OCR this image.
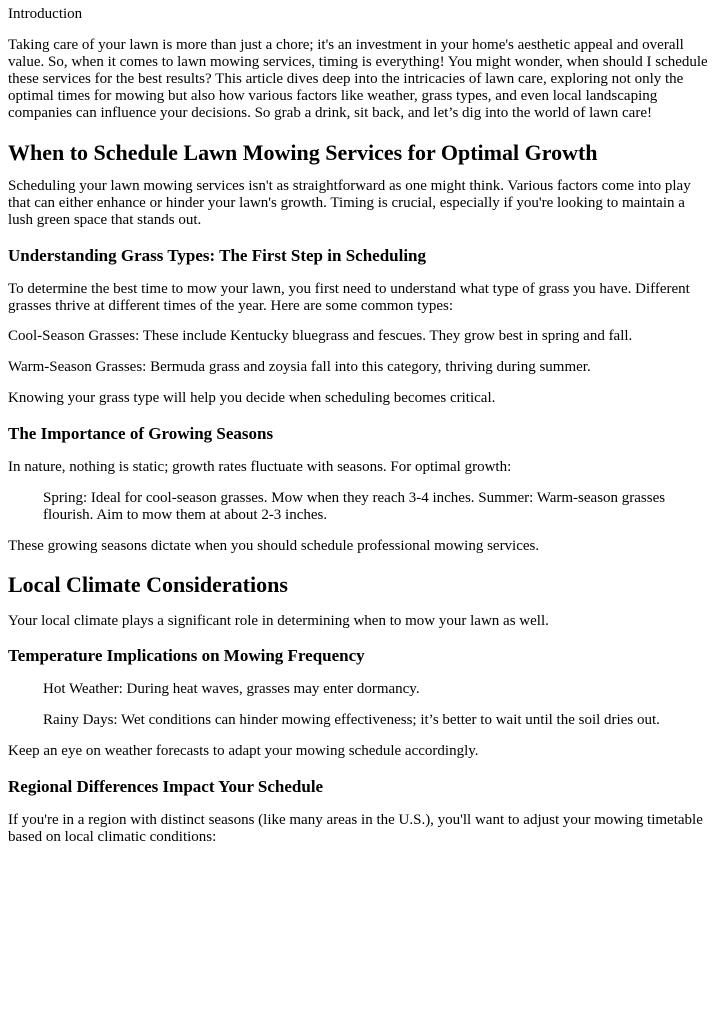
Introduction

Taking care of your lawn is more than just a chore; it's an investment in your home's aesthetic appeal and overall value. So, when it comes to lawn mowing services, timing is everything! You might wonder, when should I schedule these services for the best results? This article dives deep into the intricacies of lawn care, exploring not only the optimal times for mowing but also how various factors like weather, grass types, and even local landscaping companies can influence your decisions. So grab a drink, sit back, and let’s dig into the world of lawn care!

When to Schedule Lawn Mowing Services for Optimal Growth

Scheduling your lawn mowing services isn't as straightforward as one might think. Various factors come into play that can either enhance or hinder your lawn's growth. Timing is crucial, especially if you're looking to maintain a lush green space that stands out.

Understanding Grass Types: The First Step in Scheduling

To determine the best time to mow your lawn, you first need to understand what type of grass you have. Different grasses thrive at different times of the year. Here are some common types:

Cool-Season Grasses: These include Kentucky bluegrass and fescues. They grow best in spring and fall.

Warm-Season Grasses: Bermuda grass and zoysia fall into this category, thriving during summer.

Knowing your grass type will help you decide when scheduling becomes critical.

The Importance of Growing Seasons

In nature, nothing is static; growth rates fluctuate with seasons. For optimal growth:

Spring: Ideal for cool-season grasses. Mow when they reach 3-4 inches. Summer: Warm-season grasses flourish. Aim to mow them at about 2-3 inches.

These growing seasons dictate when you should schedule professional mowing services.

Local Climate Considerations

Your local climate plays a significant role in determining when to mow your lawn as well.

Temperature Implications on Mowing Frequency

Hot Weather: During heat waves, grasses may enter dormancy.

Rainy Days: Wet conditions can hinder mowing effectiveness; it’s better to wait until the soil dries out.

Keep an eye on weather forecasts to adapt your mowing schedule accordingly.

Regional Differences Impact Your Schedule

If you're in a region with distinct seasons (like many areas in the U.S.), you'll want to adjust your mowing timetable based on local climatic conditions:
